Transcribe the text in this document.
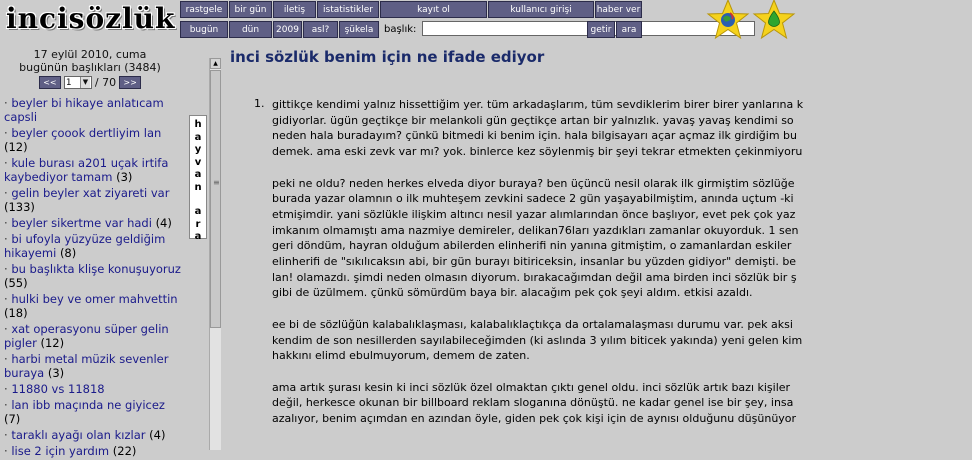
incisözlük	rastgele	bir gün	iletiş	istatistikler	kayıt ol	kullanıcı girişi	haber ver
bugün	dün	2009	asl?	şükela	başlık:	getir	ara
17 eylül 2010, cuma
bugünün başlıkları (3484)
<<	1	▼ / 70 >>
· beyler bi hikaye anlatıcam capsli
· beyler çoook dertliyim lan (12)
· kule burası a201 uçak irtifa kaybediyor tamam (3)
· gelin beyler xat ziyareti var (133)
· beyler sikertme var hadi (4)
· bi ufoyla yüzyüze geldiğim hikayemi (8)
· bu başlıkta klişe konuşuyoruz (55)
· hulki bey ve omer mahvettin (18)
· xat operasyonu süper gelin pigler (12)
· harbi metal müzik sevenler buraya (3)
· 11880 vs 11818
· lan ibb maçında ne giyicez (7)
· taraklı ayağı olan kızlar (4)
· lise 2 için yardım (22)
h
a
y
v
a
n

a
r
a
▲
≡
inci sözlük benim için ne ifade ediyor
1. gittikçe kendimi yalnız hissettiğim yer. tüm arkadaşlarım, tüm sevdiklerim birer birer yanlarına k
gidiyorlar. ügün geçtikçe bir melankoli gün geçtikçe artan bir yalnızlık. yavaş yavaş kendimi so
neden hala buradayım? çünkü bitmedi ki benim için. hala bilgisayarı açar açmaz ilk girdiğim bu
demek. ama eski zevk var mı? yok. binlerce kez söylenmiş bir şeyi tekrar etmekten çekinmiyoru
peki ne oldu? neden herkes elveda diyor buraya? ben üçüncü nesil olarak ilk girmiştim sözlüğe
burada yazar olamnın o ilk muhteşem zevkini sadece 2 gün yaşayabilmiştim, anında uçtum -ki
etmişimdir. yani sözlükle ilişkim altıncı nesil yazar alımlarından önce başlıyor, evet pek çok yaz
imkanım olmamıştı ama nazmiye demireler, delikan76ları yazdıkları zamanlar okuyorduk. 1 sen
geri döndüm, hayran olduğum abilerden elinherifi nin yanına gitmiştim, o zamanlardan eskiler
elinherifi de "sıkılıcaksın abi, bir gün burayı bitiriceksin, insanlar bu yüzden gidiyor" demişti. be
lan! olamazdı. şimdi neden olmasın diyorum. bırakacağımdan değil ama birden inci sözlük bir ş
gibi de üzülmem. çünkü sömürdüm baya bir. alacağım pek çok şeyi aldım. etkisi azaldı.
ee bi de sözlüğün kalabalıklaşması, kalabalıklaçtıkça da ortalamalaşması durumu var. pek aksi
kendim de son nesillerden sayılabileceğimden (ki aslında 3 yılım biticek yakında) yeni gelen kim
hakkını elimd ebulmuyorum, demem de zaten.
ama artık şurası kesin ki inci sözlük özel olmaktan çıktı genel oldu. inci sözlük artık bazı kişiler
değil, herkesce okunan bir billboard reklam sloganına dönüştü. ne kadar genel ise bir şey, insa
azalıyor, benim açımdan en azından öyle, giden pek çok kişi için de aynısı olduğunu düşünüyor
